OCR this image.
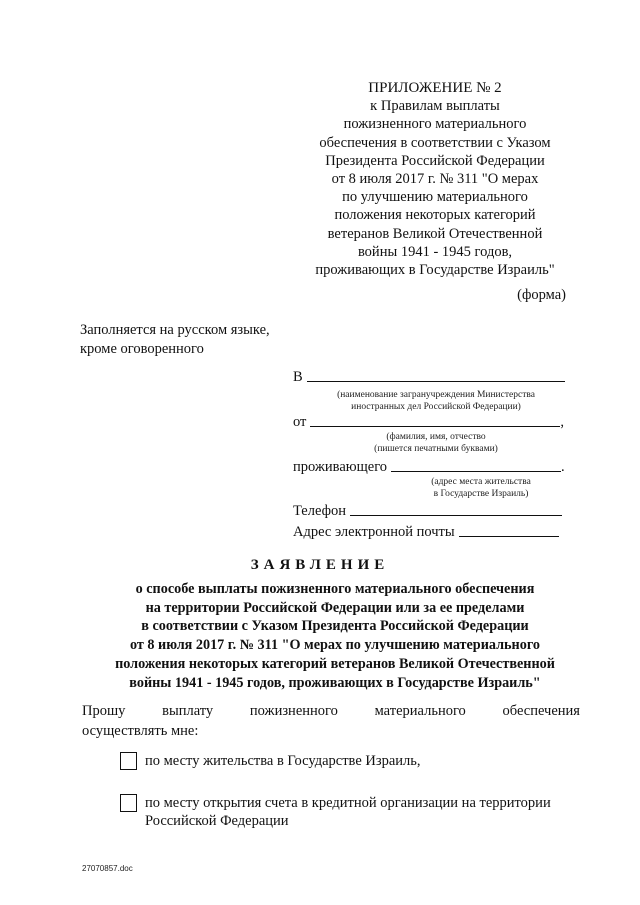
ПРИЛОЖЕНИЕ № 2
к Правилам выплаты
пожизненного материального
обеспечения в соответствии с Указом
Президента Российской Федерации
от 8 июля 2017 г. № 311 "О мерах
по улучшению материального
положения некоторых категорий
ветеранов Великой Отечественной
войны 1941 - 1945 годов,
проживающих в Государстве Израиль"
(форма)
Заполняется на русском языке,
кроме оговоренного
В
(наименование загранучреждения Министерства
иностранных дел Российской Федерации)
от	,
(фамилия, имя, отчество
(пишется печатными буквами)
проживающего	.
(адрес места жительства
в Государстве Израиль)
Телефон
Адрес электронной почты
ЗАЯВЛЕНИЕ
о способе выплаты пожизненного материального обеспечения
на территории Российской Федерации или за ее пределами
в соответствии с Указом Президента Российской Федерации
от 8 июля 2017 г. № 311 "О мерах по улучшению материального
положения некоторых категорий ветеранов Великой Отечественной
войны 1941 - 1945 годов, проживающих в Государстве Израиль"
Прошу	выплату	пожизненного	материального	обеспечения
осуществлять мне:
по месту жительства в Государстве Израиль,
по месту открытия счета в кредитной организации на территории
Российской Федерации
27070857.doc
